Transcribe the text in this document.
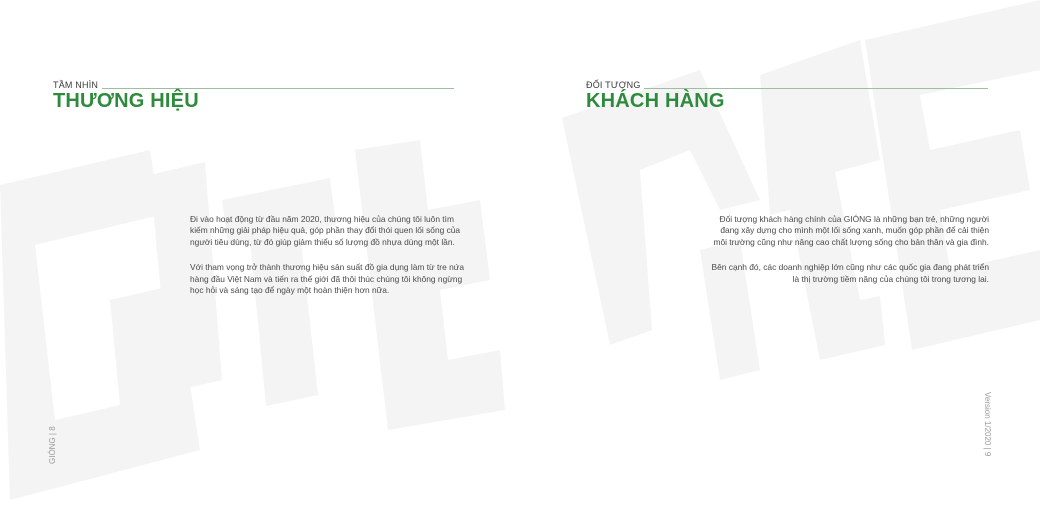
TẦM NHÌN
THƯƠNG HIỆU

Đi vào hoạt động từ đầu năm 2020, thương hiệu của chúng tôi luôn tìm kiếm những giải pháp hiệu quả, góp phần thay đổi thói quen lối sống của người tiêu dùng, từ đó giúp giảm thiểu số lượng đồ nhựa dùng một lần.

Với tham vọng trở thành thương hiệu sản suất đồ gia dụng làm từ tre nứa hàng đầu Việt Nam và tiến ra thế giới đã thôi thúc chúng tôi không ngừng học hỏi và sáng tạo để ngày một hoàn thiện hơn nữa.

GIÓNG | 8
ĐỐI TƯỢNG
KHÁCH HÀNG

Đối tượng khách hàng chính của GIÓNG là những bạn trẻ, những người đang xây dựng cho mình một lối sống xanh, muốn góp phần để cải thiện môi trường cũng như nâng cao chất lượng sống cho bản thân và gia đình.

Bên cạnh đó, các doanh nghiệp lớn cũng như các quốc gia đang phát triển là thị trường tiềm năng của chúng tôi trong tương lai.

Version 1/2020 | 9
